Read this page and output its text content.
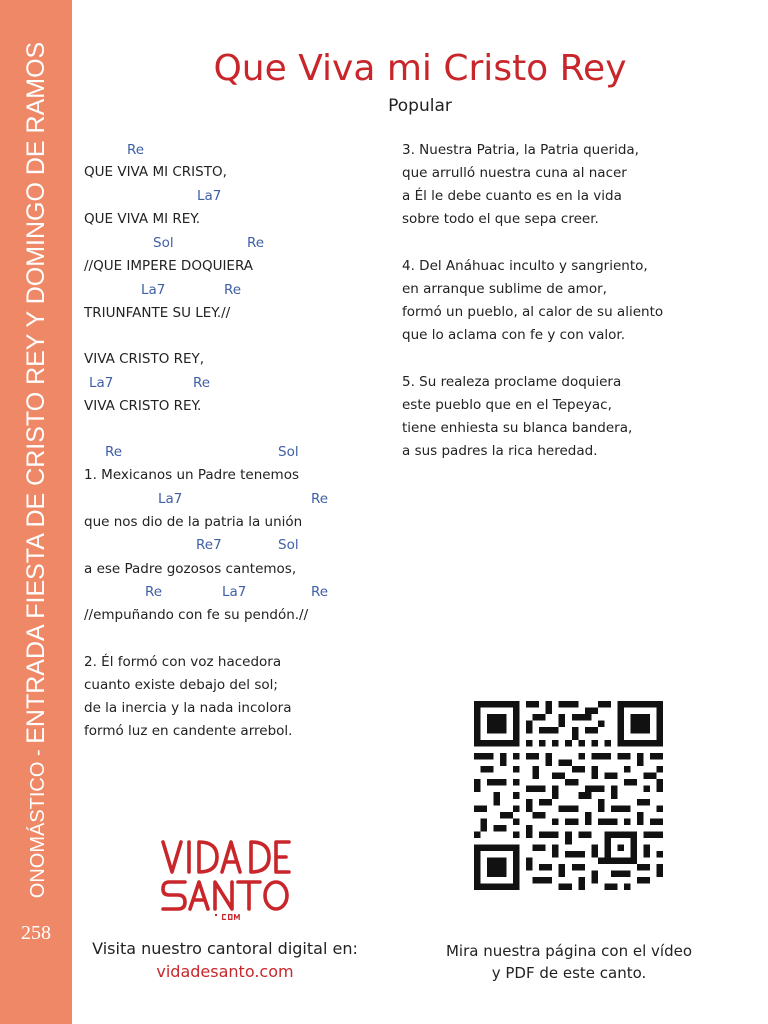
ONOMÁSTICO - ENTRADA FIESTA DE CRISTO REY Y DOMINGO DE RAMOS
258
Que Viva mi Cristo Rey
Popular
Re
QUE VIVA MI CRISTO,
La7
QUE VIVA MI REY.
Sol	Re
//QUE IMPERE DOQUIERA
La7	Re
TRIUNFANTE SU LEY.//
VIVA CRISTO REY,
La7	Re
VIVA CRISTO REY.
Re	Sol
1. Mexicanos un Padre tenemos
La7	Re
que nos dio de la patria la unión
Re7	Sol
a ese Padre gozosos cantemos,
Re	La7	Re
//empuñando con fe su pendón.//
2. Él formó con voz hacedora
cuanto existe debajo del sol;
de la inercia y la nada incolora
formó luz en candente arrebol.
3. Nuestra Patria, la Patria querida,
que arrulló nuestra cuna al nacer
a Él le debe cuanto es en la vida
sobre todo el que sepa creer.
4. Del Anáhuac inculto y sangriento,
en arranque sublime de amor,
formó un pueblo, al calor de su aliento
que lo aclama con fe y con valor.
5. Su realeza proclame doquiera
este pueblo que en el Tepeyac,
tiene enhiesta su blanca bandera,
a sus padres la rica heredad.
Visita nuestro cantoral digital en:
vidadesanto.com
Mira nuestra página con el vídeo
y PDF de este canto.
